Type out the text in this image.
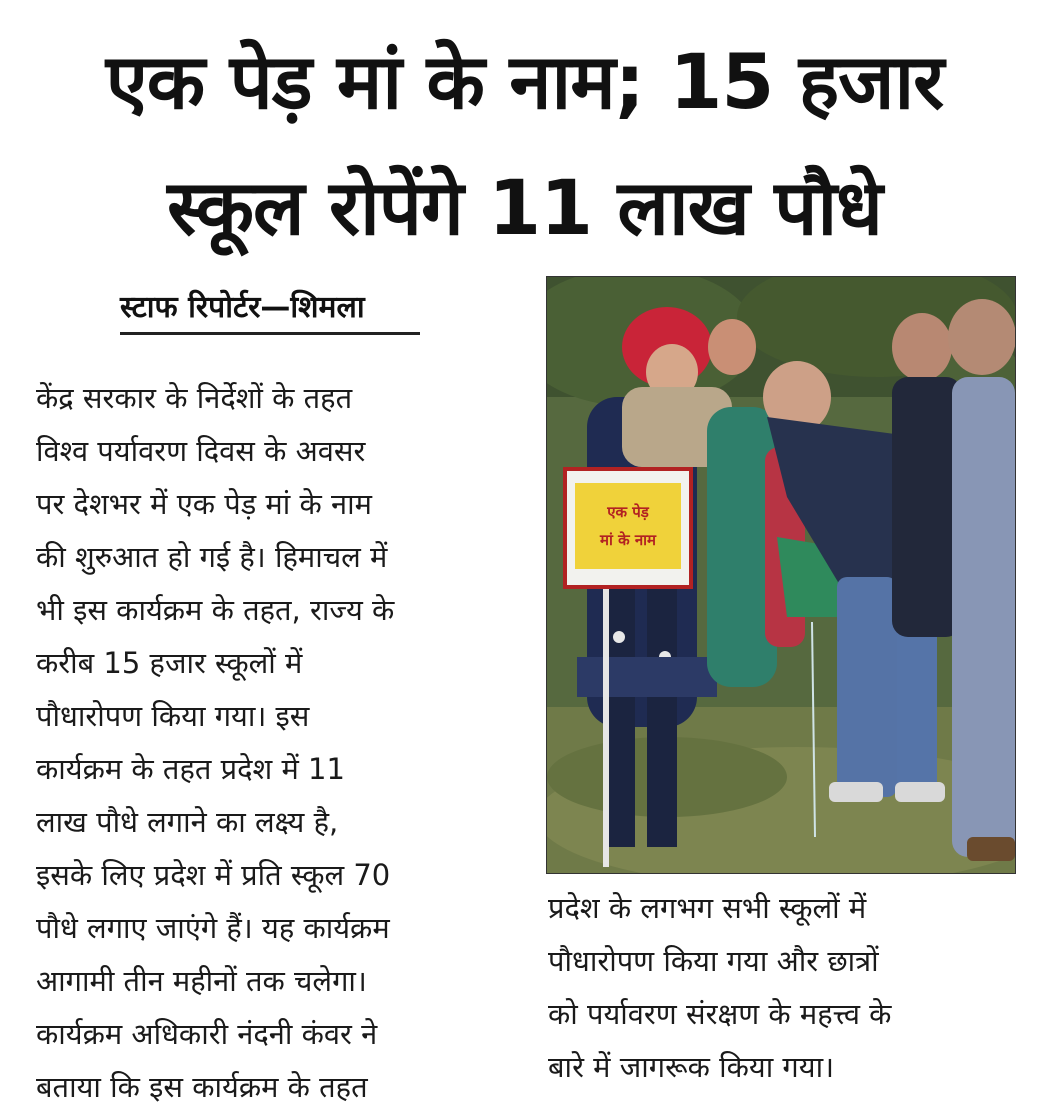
एक पेड़ मां के नाम; 15 हजार
स्कूल रोपेंगे 11 लाख पौधे
स्टाफ रिपोर्टर—शिमला
केंद्र सरकार के निर्देशों के तहत
विश्व पर्यावरण दिवस के अवसर
पर देशभर में एक पेड़ मां के नाम
की शुरुआत हो गई है। हिमाचल में
भी इस कार्यक्रम के तहत, राज्य के
करीब 15 हजार स्कूलों में
पौधारोपण किया गया। इस
कार्यक्रम के तहत प्रदेश में 11
लाख पौधे लगाने का लक्ष्य है,
इसके लिए प्रदेश में प्रति स्कूल 70
पौधे लगाए जाएंगे हैं। यह कार्यक्रम
आगामी तीन महीनों तक चलेगा।
कार्यक्रम अधिकारी नंदनी कंवर ने
बताया कि इस कार्यक्रम के तहत
एक पेड़
मां के नाम
प्रदेश के लगभग सभी स्कूलों में
पौधारोपण किया गया और छात्रों
को पर्यावरण संरक्षण के महत्त्व के
बारे में जागरूक किया गया।
